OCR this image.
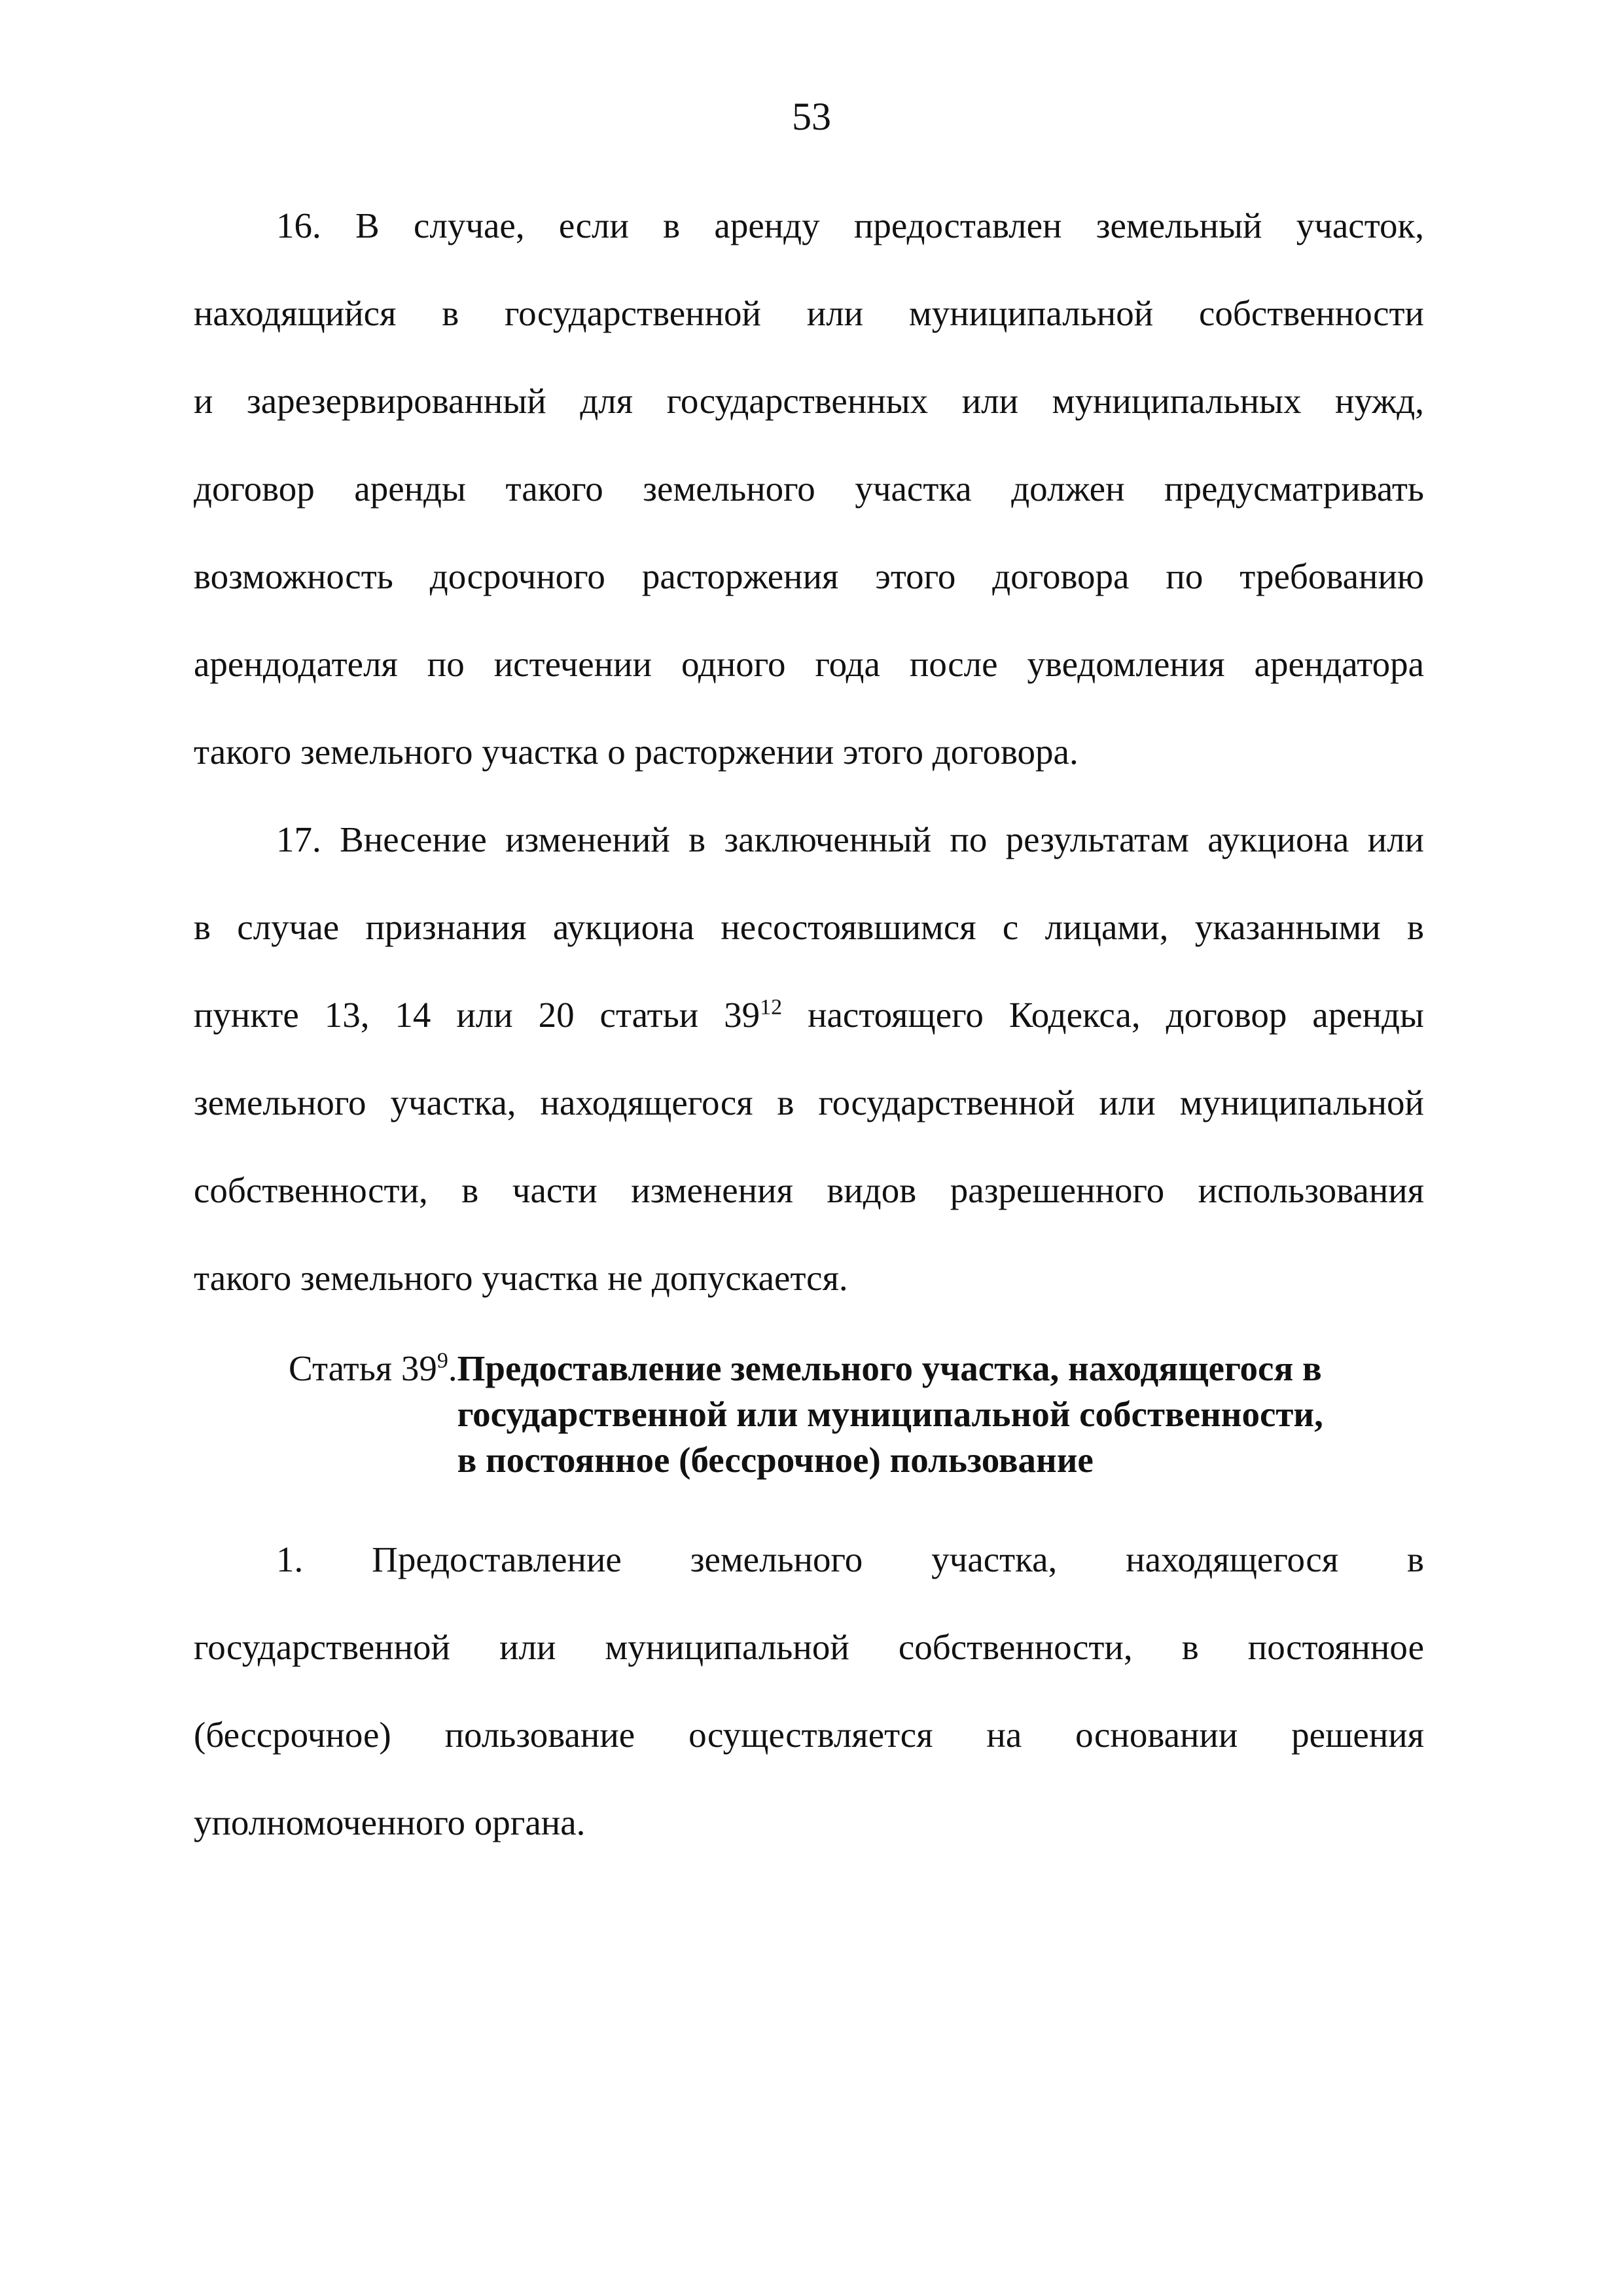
53

16. В случае, если в аренду предоставлен земельный участок,

находящийся в государственной или муниципальной собственности

и зарезервированный для государственных или муниципальных нужд,

договор аренды такого земельного участка должен предусматривать

возможность досрочного расторжения этого договора по требованию

арендодателя по истечении одного года после уведомления арендатора

такого земельного участка о расторжении этого договора.

17. Внесение изменений в заключенный по результатам аукциона или

в случае признания аукциона несостоявшимся с лицами, указанными в

пункте 13, 14 или 20 статьи $39^{12}$ настоящего Кодекса, договор аренды

земельного участка, находящегося в государственной или муниципальной

собственности, в части изменения видов разрешенного использования

такого земельного участка не допускается.

Статья $39^9$. Предоставление земельного участка, находящегося в
государственной или муниципальной собственности,
в постоянное (бессрочное) пользование

1. Предоставление земельного участка, находящегося в

государственной или муниципальной собственности, в постоянное

(бессрочное) пользование осуществляется на основании решения

уполномоченного органа.
